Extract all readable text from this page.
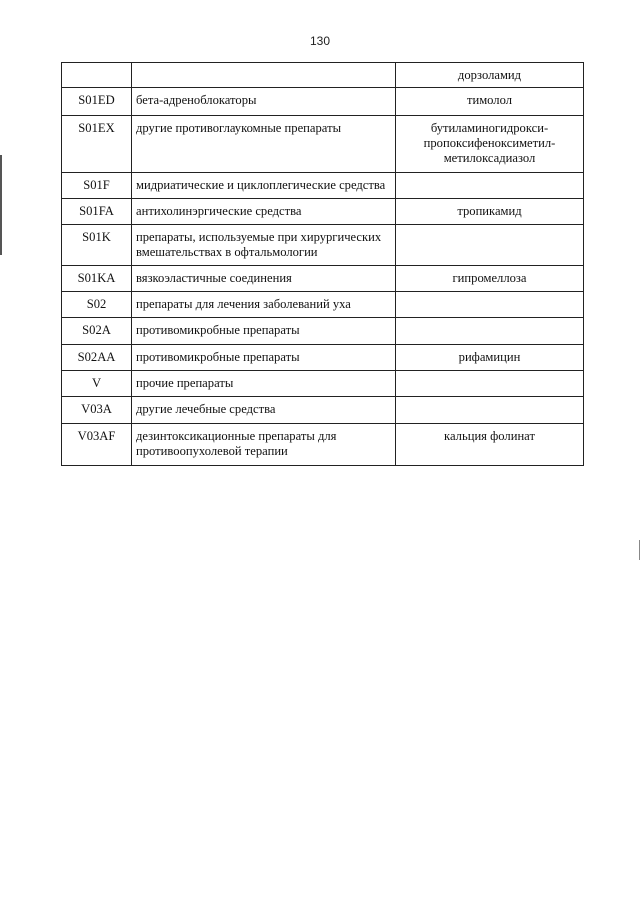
130
		дорзоламид
S01ED	бета-адреноблокаторы	тимолол
S01EX	другие противоглаукомные препараты	бутиламиногидрокси-пропоксифеноксиметил-метилоксадиазол
S01F	мидриатические и циклоплегические средства	
S01FA	антихолинэргические средства	тропикамид
S01K	препараты, используемые при хирургических вмешательствах в офтальмологии	
S01KA	вязкоэластичные соединения	гипромеллоза
S02	препараты для лечения заболеваний уха	
S02A	противомикробные препараты	
S02AA	противомикробные препараты	рифамицин
V	прочие препараты	
V03A	другие лечебные средства	
V03AF	дезинтоксикационные препараты для противоопухолевой терапии	кальция фолинат
